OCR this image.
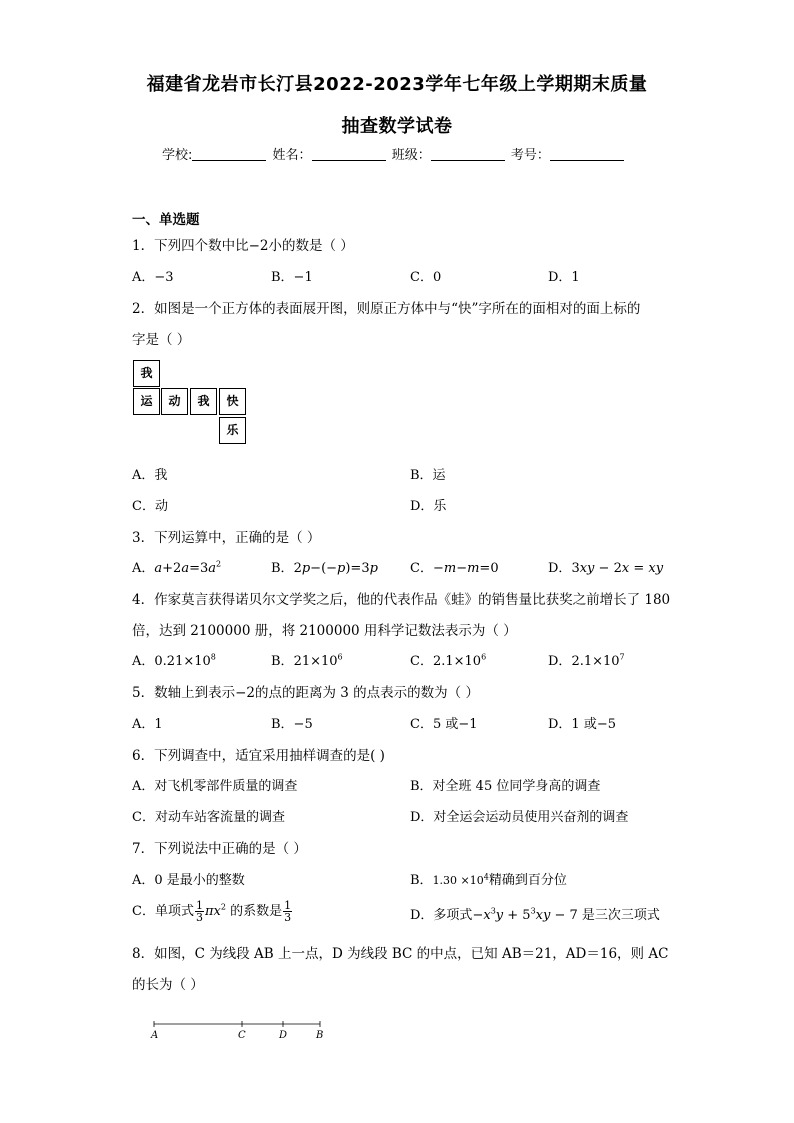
福建省龙岩市长汀县2022-2023学年七年级上学期期末质量
抽查数学试卷
学校:	姓名：	班级：	考号：
一、单选题
1．下列四个数中比−2小的数是（ ）
A．−3	B．−1	C．0	D．1
2．如图是一个正方体的表面展开图，则原正方体中与“快”字所在的面相对的面上标的
字是（ ）
我
运	动	我	快
乐
A．我	B．运
C．动	D．乐
3．下列运算中，正确的是（ ）
A．$a+2a=3a^2$	B．2p−(−p)=3p C．−m−m=0	D．3xy − 2x = xy
4．作家莫言获得诺贝尔文学奖之后，他的代表作品《蛙》的销售量比获奖之前增长了 180
倍，达到 2100000 册，将 2100000 用科学记数法表示为（ ）
A．$0.21\times 10^8$	B．$21\times 10^6$	C．$2.1\times 10^6$	D．$2.1\times 10^7$
5．数轴上到表示−2的点的距离为 3 的点表示的数为（ ）
A．1	B．−5	C．5 或−1	D．1 或−5
6．下列调查中，适宜采用抽样调查的是( )
A．对飞机零部件质量的调查	B．对全班 45 位同学身高的调查
C．对动车站客流量的调查	D．对全运会运动员使用兴奋剂的调查
7．下列说法中正确的是（ ）
A．0 是最小的整数	B．$1.30 \times 10^4$精确到百分位
C．单项式 $\frac{1}{3} \pi x^2$ 的系数是 $\frac{1}{3}$	D．多项式$-x^3y + 5^3xy - 7$ 是三次三项式
8．如图，C 为线段 AB 上一点，D 为线段 BC 的中点，已知 AB＝21，AD＝16，则 AC
的长为（ ）
A	C	D	B
